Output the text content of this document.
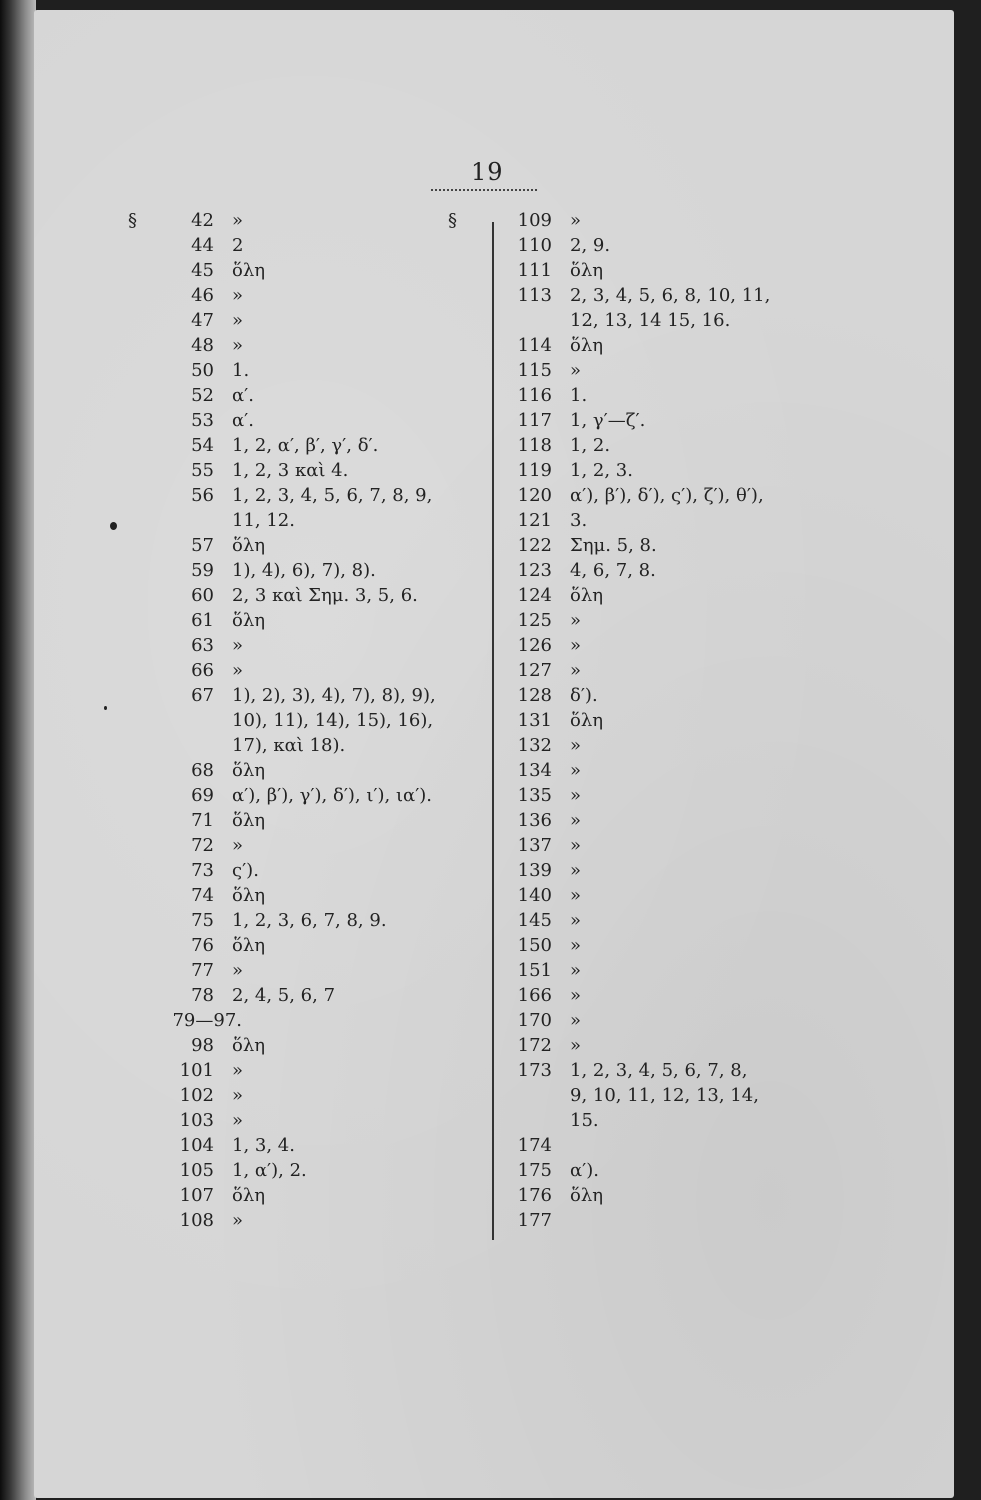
19
§	§
42 »
44 2
45 ὅλη
46 »
47 »
48 »
50 1.
52 α′.
53 α′.
54 1, 2, α′, β′, γ′, δ′.
55 1, 2, 3 καὶ 4.
56 1, 2, 3, 4, 5, 6, 7, 8, 9,
11, 12.
57 ὅλη
59 1), 4), 6), 7), 8).
60 2, 3 καὶ Σημ. 3, 5, 6.
61 ὅλη
63 »
66 »
67 1), 2), 3), 4), 7), 8), 9),
10), 11), 14), 15), 16),
17), καὶ 18).
68 ὅλη
69 α′), β′), γ′), δ′), ι′), ια′).
71 ὅλη
72 »
73 ς′).
74 ὅλη
75 1, 2, 3, 6, 7, 8, 9.
76 ὅλη
77 »
78 2, 4, 5, 6, 7
79—97.
98 ὅλη
101 »
102 »
103 »
104 1, 3, 4.
105 1, α′), 2.
107 ὅλη
108 »
109 »
110 2, 9.
111 ὅλη
113 2, 3, 4, 5, 6, 8, 10, 11,
12, 13, 14 15, 16.
114 ὅλη
115 »
116 1.
117 1, γ′—ζ′.
118 1, 2.
119 1, 2, 3.
120 α′), β′), δ′), ς′), ζ′), θ′),
121 3.
122 Σημ. 5, 8.
123 4, 6, 7, 8.
124 ὅλη
125 »
126 »
127 »
128 δ′).
131 ὅλη
132 »
134 »
135 »
136 »
137 »
139 »
140 »
145 »
150 »
151 »
166 »
170 »
172 »
173 1, 2, 3, 4, 5, 6, 7, 8,
9, 10, 11, 12, 13, 14,
15.
174
175 α′).
176 ὅλη
177
